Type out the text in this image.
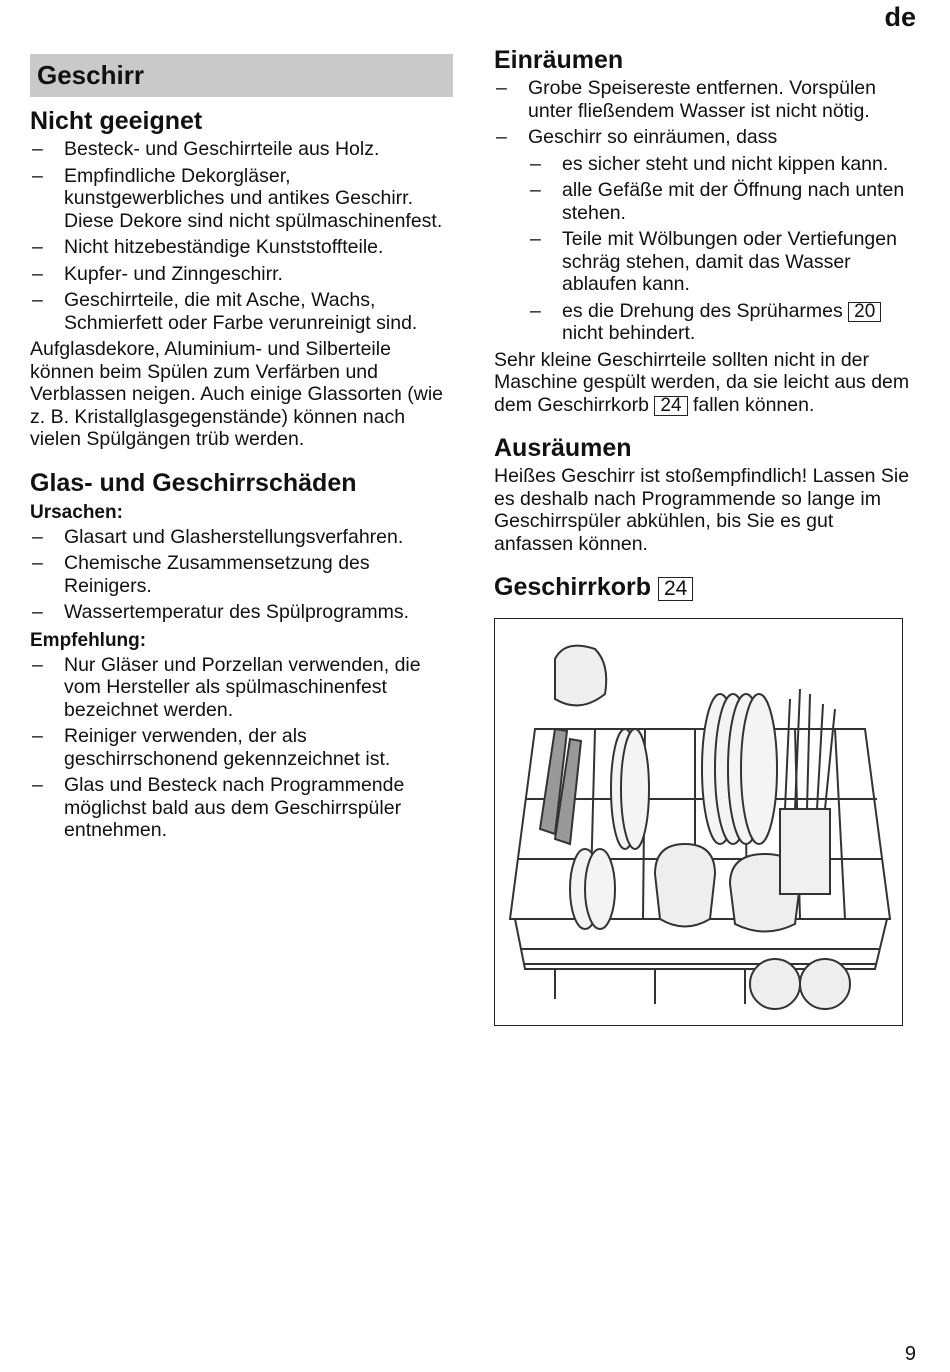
de
Geschirr
Nicht geeignet
– Besteck- und Geschirrteile aus Holz.
– Empfindliche Dekorgläser, kunstgewerbliches und antikes Geschirr. Diese Dekore sind nicht spülmaschinenfest.
– Nicht hitzebeständige Kunststoffteile.
– Kupfer- und Zinngeschirr.
– Geschirrteile, die mit Asche, Wachs, Schmierfett oder Farbe verunreinigt sind.

Aufglasdekore, Aluminium- und Silberteile können beim Spülen zum Verfärben und Verblassen neigen. Auch einige Glassorten (wie z. B. Kristallglasgegenstände) können nach vielen Spülgängen trüb werden.

Glas- und Geschirrschäden
Ursachen:
– Glasart und Glasherstellungsverfahren.
– Chemische Zusammensetzung des Reinigers.
– Wassertemperatur des Spülprogramms.
Empfehlung:
– Nur Gläser und Porzellan verwenden, die vom Hersteller als spülmaschinenfest bezeichnet werden.
– Reiniger verwenden, der als geschirrschonend gekennzeichnet ist.
– Glas und Besteck nach Programmende möglichst bald aus dem Geschirrspüler entnehmen.
Einräumen
– Grobe Speisereste entfernen. Vorspülen unter fließendem Wasser ist nicht nötig.
– Geschirr so einräumen, dass
– es sicher steht und nicht kippen kann.
– alle Gefäße mit der Öffnung nach unten stehen.
– Teile mit Wölbungen oder Vertiefungen schräg stehen, damit das Wasser ablaufen kann.
– es die Drehung des Sprüharmes 20 nicht behindert.

Sehr kleine Geschirrteile sollten nicht in der Maschine gespült werden, da sie leicht aus dem dem Geschirrkorb 24 fallen können.

Ausräumen

Heißes Geschirr ist stoßempfindlich! Lassen Sie es deshalb nach Programmende so lange im Geschirrspüler abkühlen, bis Sie es gut anfassen können.

Geschirrkorb 24
9
